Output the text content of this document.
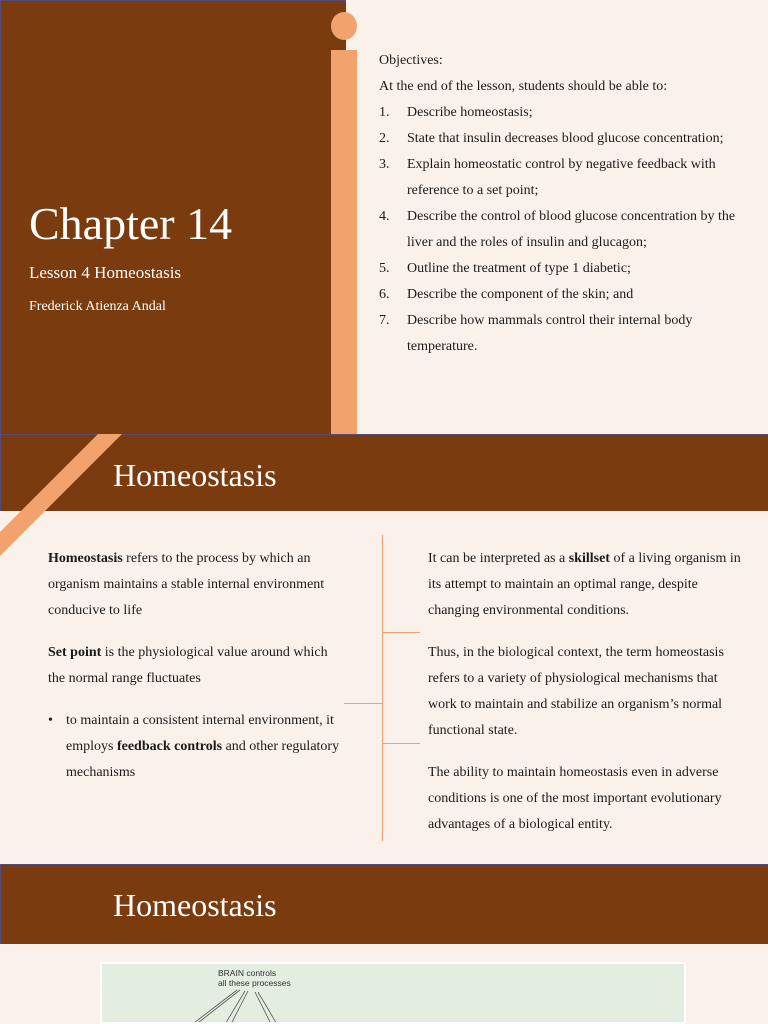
Chapter 14
Lesson 4 Homeostasis
Frederick Atienza Andal
Objectives:
At the end of the lesson, students should be able to:
1.	Describe homeostasis;
2.	State that insulin decreases blood glucose concentration;
3.	Explain homeostatic control by negative feedback with reference to a set point;
4.	Describe the control of blood glucose concentration by the liver and the roles of insulin and glucagon;
5.	Outline the treatment of type 1 diabetic;
6.	Describe the component of the skin; and
7.	Describe how mammals control their internal body temperature.
Homeostasis

Homeostasis refers to the process by which an organism maintains a stable internal environment conducive to life

Set point is the physiological value around which the normal range fluctuates

• to maintain a consistent internal environment, it employs feedback controls and other regulatory mechanisms

It can be interpreted as a skillset of a living organism in its attempt to maintain an optimal range, despite changing environmental conditions.

Thus, in the biological context, the term homeostasis refers to a variety of physiological mechanisms that work to maintain and stabilize an organism’s normal functional state.

The ability to maintain homeostasis even in adverse conditions is one of the most important evolutionary advantages of a biological entity.

Homeostasis
BRAIN controls
all these processes
